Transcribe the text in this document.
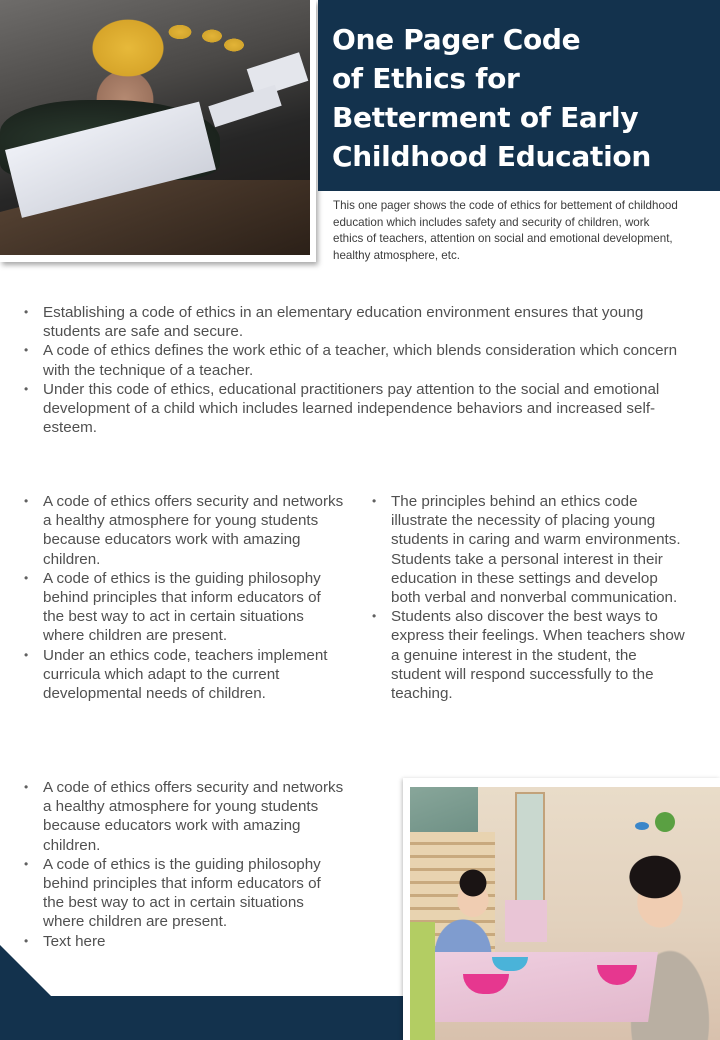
One Pager Code
of Ethics for
Betterment of Early
Childhood Education
This one pager shows the code of ethics for bettement of childhood education which includes safety and security of children, work ethics of teachers, attention on social and emotional development, healthy atmosphere, etc.
• Establishing a code of ethics in an elementary education environment ensures that young students are safe and secure.
• A code of ethics defines the work ethic of a teacher, which blends consideration which concern with the technique of a teacher.
• Under this code of ethics, educational practitioners pay attention to the social and emotional development of a child which includes learned independence behaviors and increased self-esteem.
• A code of ethics offers security and networks a healthy atmosphere for young students because educators work with amazing children.
• A code of ethics is the guiding philosophy behind principles that inform educators of the best way to act in certain situations where children are present.
• Under an ethics code, teachers implement curricula which adapt to the current developmental needs of children.
• The principles behind an ethics code illustrate the necessity of placing young students in caring and warm environments. Students take a personal interest in their education in these settings and develop both verbal and nonverbal communication.
• Students also discover the best ways to express their feelings. When teachers show a genuine interest in the student, the student will respond successfully to the teaching.
• A code of ethics offers security and networks a healthy atmosphere for young students because educators work with amazing children.
• A code of ethics is the guiding philosophy behind principles that inform educators of the best way to act in certain situations where children are present.
• Text here
